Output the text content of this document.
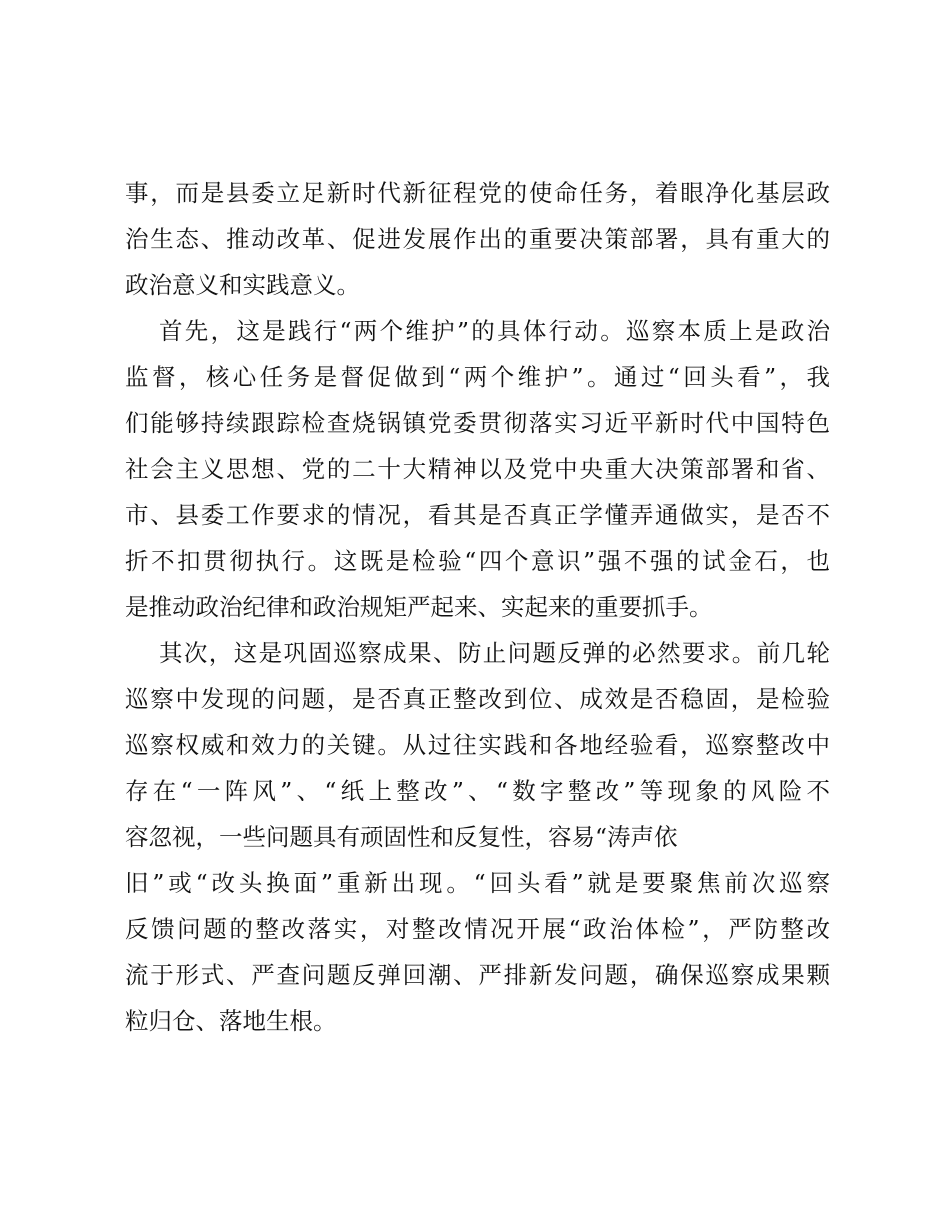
事，而是县委立足新时代新征程党的使命任务，着眼净化基层政
治生态、推动改革、促进发展作出的重要决策部署，具有重大的
政治意义和实践意义。
首先，这是践行“两个维护”的具体行动。巡察本质上是政治
监督，核心任务是督促做到“两个维护”。通过“回头看”，我
们能够持续跟踪检查烧锅镇党委贯彻落实习近平新时代中国特色
社会主义思想、党的二十大精神以及党中央重大决策部署和省、
市、县委工作要求的情况，看其是否真正学懂弄通做实，是否不
折不扣贯彻执行。这既是检验“四个意识”强不强的试金石，也
是推动政治纪律和政治规矩严起来、实起来的重要抓手。
其次，这是巩固巡察成果、防止问题反弹的必然要求。前几轮
巡察中发现的问题，是否真正整改到位、成效是否稳固，是检验
巡察权威和效力的关键。从过往实践和各地经验看，巡察整改中
存在“一阵风”、“纸上整改”、“数字整改”等现象的风险不
容忽视，一些问题具有顽固性和反复性，容易“涛声依
旧”或“改头换面”重新出现。“回头看”就是要聚焦前次巡察
反馈问题的整改落实，对整改情况开展“政治体检”，严防整改
流于形式、严查问题反弹回潮、严排新发问题，确保巡察成果颗
粒归仓、落地生根。
